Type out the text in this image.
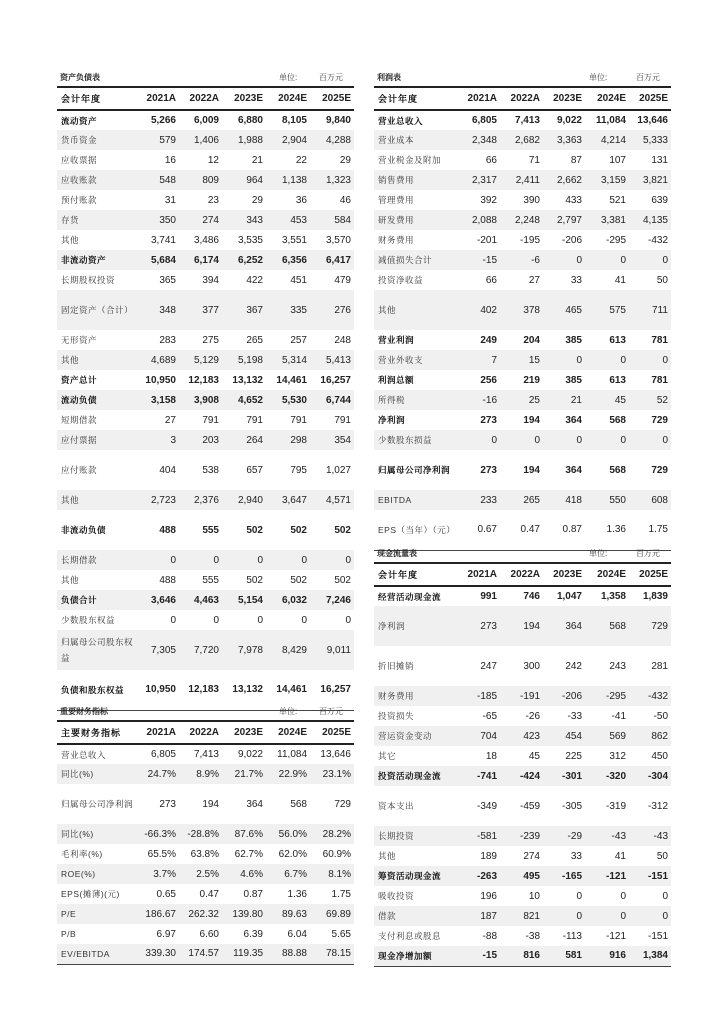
资产负债表	单位:	百万元
会计年度	2021A	2022A	2023E	2024E	2025E
流动资产	5,266	6,009	6,880	8,105	9,840
货币资金	579	1,406	1,988	2,904	4,288
应收票据	16	12	21	22	29
应收账款	548	809	964	1,138	1,323
预付账款	31	23	29	36	46
存货	350	274	343	453	584
其他	3,741	3,486	3,535	3,551	3,570
非流动资产	5,684	6,174	6,252	6,356	6,417
长期股权投资	365	394	422	451	479
固定资产（合计）	348	377	367	335	276
无形资产	283	275	265	257	248
其他	4,689	5,129	5,198	5,314	5,413
资产总计	10,950	12,183	13,132	14,461	16,257
流动负债	3,158	3,908	4,652	5,530	6,744
短期借款	27	791	791	791	791
应付票据	3	203	264	298	354
应付账款	404	538	657	795	1,027
其他	2,723	2,376	2,940	3,647	4,571
非流动负债	488	555	502	502	502
长期借款	0	0	0	0	0
其他	488	555	502	502	502
负债合计	3,646	4,463	5,154	6,032	7,246
少数股东权益	0	0	0	0	0
归属母公司股东权益	7,305	7,720	7,978	8,429	9,011
负债和股东权益	10,950	12,183	13,132	14,461	16,257
利润表	单位:	百万元
会计年度	2021A	2022A	2023E	2024E	2025E
营业总收入	6,805	7,413	9,022	11,084	13,646
营业成本	2,348	2,682	3,363	4,214	5,333
营业税金及附加	66	71	87	107	131
销售费用	2,317	2,411	2,662	3,159	3,821
管理费用	392	390	433	521	639
研发费用	2,088	2,248	2,797	3,381	4,135
财务费用	-201	-195	-206	-295	-432
减值损失合计	-15	-6	0	0	0
投资净收益	66	27	33	41	50
其他	402	378	465	575	711
营业利润	249	204	385	613	781
营业外收支	7	15	0	0	0
利润总额	256	219	385	613	781
所得税	-16	25	21	45	52
净利润	273	194	364	568	729
少数股东损益	0	0	0	0	0
归属母公司净利润	273	194	364	568	729
EBITDA	233	265	418	550	608
EPS（当年）（元）	0.67	0.47	0.87	1.36	1.75
重要财务指标	单位:	百万元
主要财务指标	2021A	2022A	2023E	2024E	2025E
营业总收入	6,805	7,413	9,022	11,084	13,646
同比(%)	24.7%	8.9%	21.7%	22.9%	23.1%
归属母公司净利润	273	194	364	568	729
同比(%)	-66.3%	-28.8%	87.6%	56.0%	28.2%
毛利率(%)	65.5%	63.8%	62.7%	62.0%	60.9%
ROE(%)	3.7%	2.5%	4.6%	6.7%	8.1%
EPS(摊薄)(元)	0.65	0.47	0.87	1.36	1.75
P/E	186.67	262.32	139.80	89.63	69.89
P/B	6.97	6.60	6.39	6.04	5.65
EV/EBITDA	339.30	174.57	119.35	88.88	78.15
现金流量表	单位:	百万元
会计年度	2021A	2022A	2023E	2024E	2025E
经营活动现金流	991	746	1,047	1,358	1,839
净利润	273	194	364	568	729
折旧摊销	247	300	242	243	281
财务费用	-185	-191	-206	-295	-432
投资损失	-65	-26	-33	-41	-50
营运资金变动	704	423	454	569	862
其它	18	45	225	312	450
投资活动现金流	-741	-424	-301	-320	-304
资本支出	-349	-459	-305	-319	-312
长期投资	-581	-239	-29	-43	-43
其他	189	274	33	41	50
筹资活动现金流	-263	495	-165	-121	-151
吸收投资	196	10	0	0	0
借款	187	821	0	0	0
支付利息或股息	-88	-38	-113	-121	-151
现金净增加额	-15	816	581	916	1,384
